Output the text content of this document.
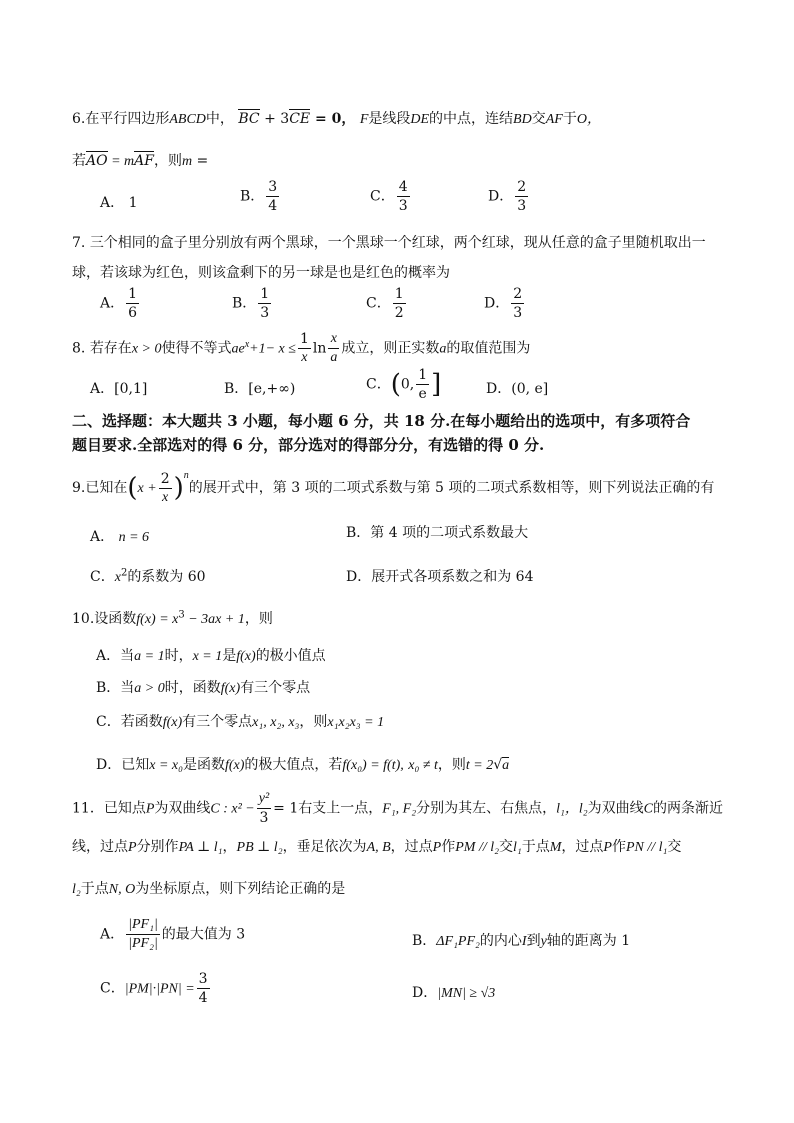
6.在平行四边形ABCD中， BC + 3CE = 0， F是线段DE的中点，连结BD交AF于O，
若AO = mAF，则m =
A． 1	B． $\frac{3}{4}$	C． $\frac{4}{3}$	D． $\frac{2}{3}$
7. 三个相同的盒子里分别放有两个黑球，一个黑球一个红球，两个红球，现从任意的盒子里随机取出一
球，若该球为红色，则该盒剩下的另一球是也是红色的概率为
A． $\frac{1}{6}$	B． $\frac{1}{3}$	C． $\frac{1}{2}$	D． $\frac{2}{3}$
8. 若存在x > 0使得不等式$ae^x+1- x \le \frac{1}{x}$ $\ln \frac{x}{a}$ 成立，则正实数a的取值范围为
A．[0,1]	B．[e,+∞)	C．(0, $\frac{1}{e}$ ]	D．(0, e]
二、选择题：本大题共 3 小题，每小题 6 分，共 18 分.在每小题给出的选项中，有多项符合
题目要求.全部选对的得 6 分，部分选对的得部分分，有选错的得 0 分.
9.已知在$(x + \frac{2}{x} )^n$的展开式中，第 3 项的二项式系数与第 5 项的二项式系数相等，则下列说法正确的有
A． n = 6	B．第 4 项的二项式系数最大
C．$x^2$的系数为 60	D．展开式各项系数之和为 64
10.设函数$f(x) = x^3 - 3ax + 1$，则
A．当a = 1时，x = 1是f(x)的极小值点
B．当a > 0时，函数f(x)有三个零点
C．若函数f(x)有三个零点x₁, x₂, x₃，则x₁x₂x₃ = 1
D．已知x = x₀是函数f(x)的极大值点，若f(x₀) = f(t), x₀ ≠ t，则t = 2√a
11．已知点P为双曲线C : $x^2 - \frac{\text{y²}}{3} = 1$右支上一点，F₁, F₂分别为其左、右焦点，l₁，l₂为双曲线C的两条渐近
线，过点P分别作PA ⊥ l₁，PB ⊥ l₂，垂足依次为A, B，过点P作PM // l₂交l₁于点M，过点P作PN // l₁交
l₂于点N, O为坐标原点，则下列结论正确的是
A． $\frac{\text{|PF₁|}}{\text{|PF₂|}}$ 的最大值为 3	B．ΔF₁PF₂的内心I到y轴的距离为 1
C．$|PM|\cdot|PN| = \frac{3}{4}$	D．|MN| ≥ √3
